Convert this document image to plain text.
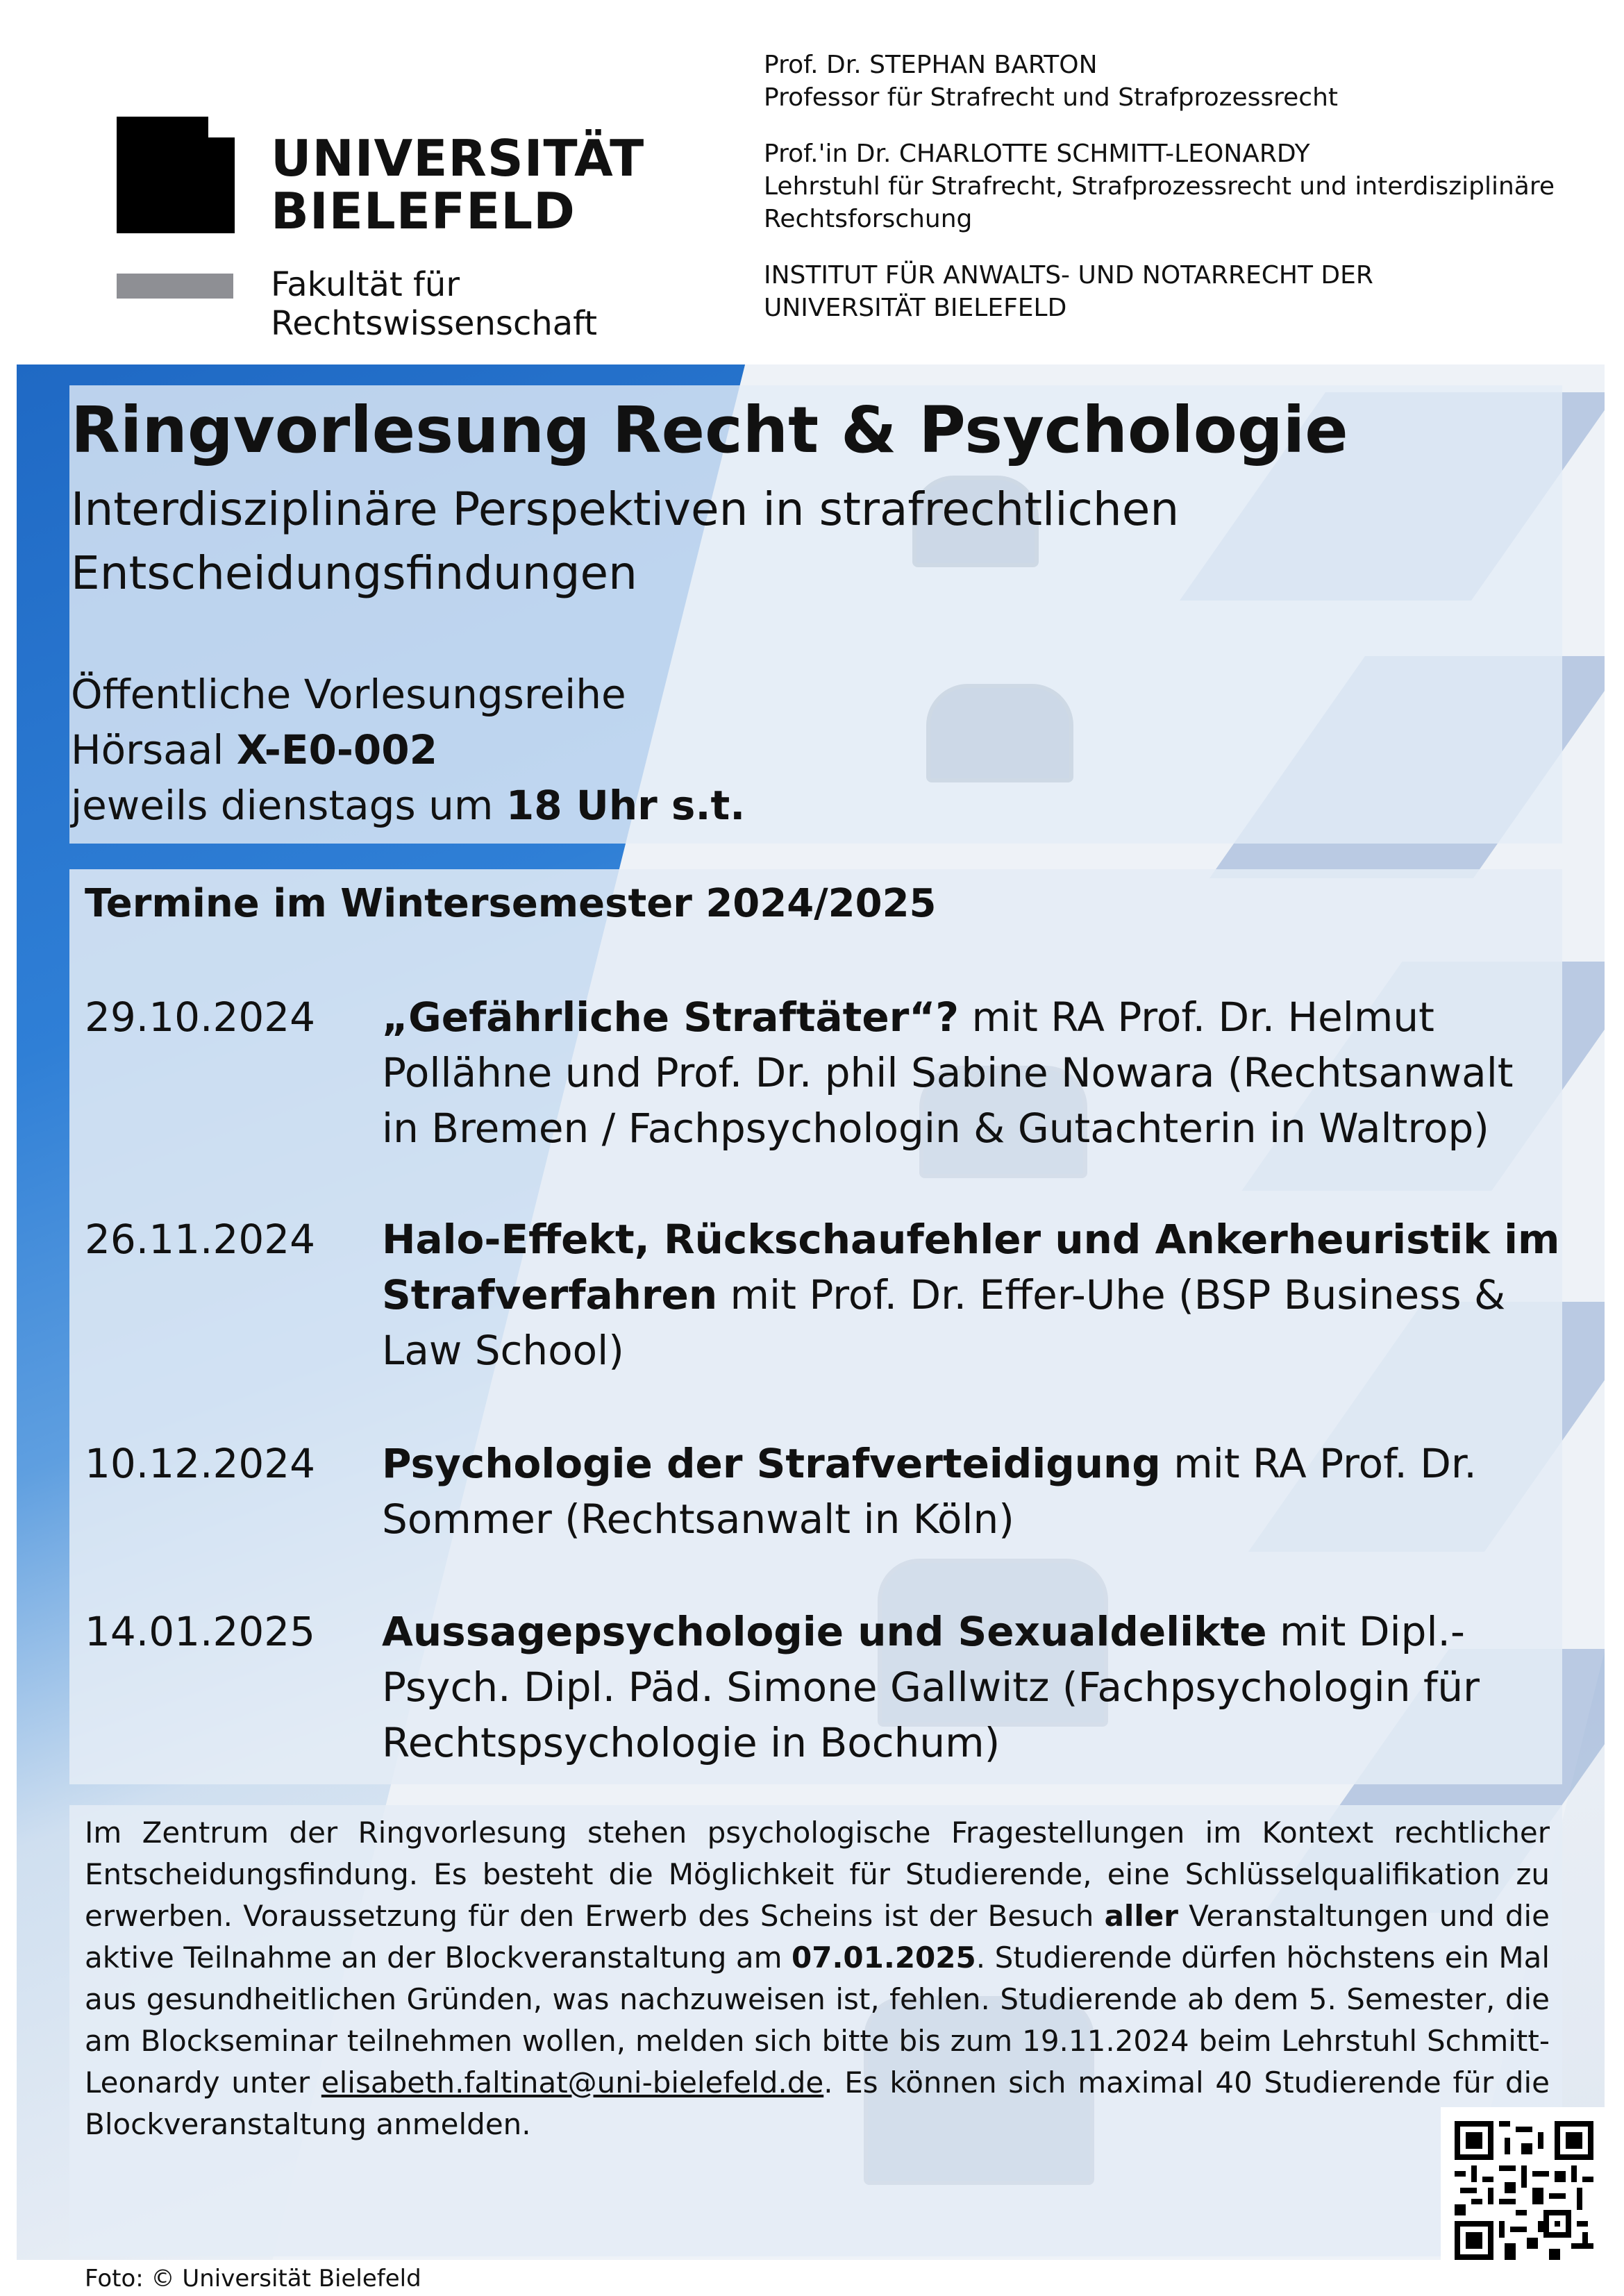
UNIVERSITÄT
BIELEFELD
Fakultät für
Rechtswissenschaft

Prof. Dr. STEPHAN BARTON
Professor für Strafrecht und Strafprozessrecht

Prof.'in Dr. CHARLOTTE SCHMITT-LEONARDY
Lehrstuhl für Strafrecht, Strafprozessrecht und interdisziplinäre
Rechtsforschung

INSTITUT FÜR ANWALTS- UND NOTARRECHT DER
UNIVERSITÄT BIELEFELD

Ringvorlesung Recht & Psychologie
Interdisziplinäre Perspektiven in strafrechtlichen
Entscheidungsfindungen
Öffentliche Vorlesungsreihe
Hörsaal X-E0-002
jeweils dienstags um 18 Uhr s.t.
Termine im Wintersemester 2024/2025
29.10.2024 „Gefährliche Straftäter“? mit RA Prof. Dr. Helmut Pollähne und Prof. Dr. phil Sabine Nowara (Rechtsanwalt in Bremen / Fachpsychologin & Gutachterin in Waltrop)
26.11.2024 Halo-Effekt, Rückschaufehler und Ankerheuristik im Strafverfahren mit Prof. Dr. Effer-Uhe (BSP Business & Law School)
10.12.2024 Psychologie der Strafverteidigung mit RA Prof. Dr. Sommer (Rechtsanwalt in Köln)
14.01.2025 Aussagepsychologie und Sexualdelikte mit Dipl.-Psych. Dipl. Päd. Simone Gallwitz (Fachpsychologin für Rechtspsychologie in Bochum)
Im Zentrum der Ringvorlesung stehen psychologische Fragestellungen im Kontext rechtlicher Entscheidungsfindung. Es besteht die Möglichkeit für Studierende, eine Schlüsselqualifikation zu erwerben. Voraussetzung für den Erwerb des Scheins ist der Besuch aller Veranstaltungen und die aktive Teilnahme an der Blockveranstaltung am 07.01.2025. Studierende dürfen höchstens ein Mal aus gesundheitlichen Gründen, was nachzuweisen ist, fehlen. Studierende ab dem 5. Semester, die am Blockseminar teilnehmen wollen, melden sich bitte bis zum 19.11.2024 beim Lehrstuhl Schmitt-Leonardy unter elisabeth.faltinat@uni-bielefeld.de. Es können sich maximal 40 Studierende für die Blockveranstaltung anmelden.
Foto: © Universität Bielefeld
